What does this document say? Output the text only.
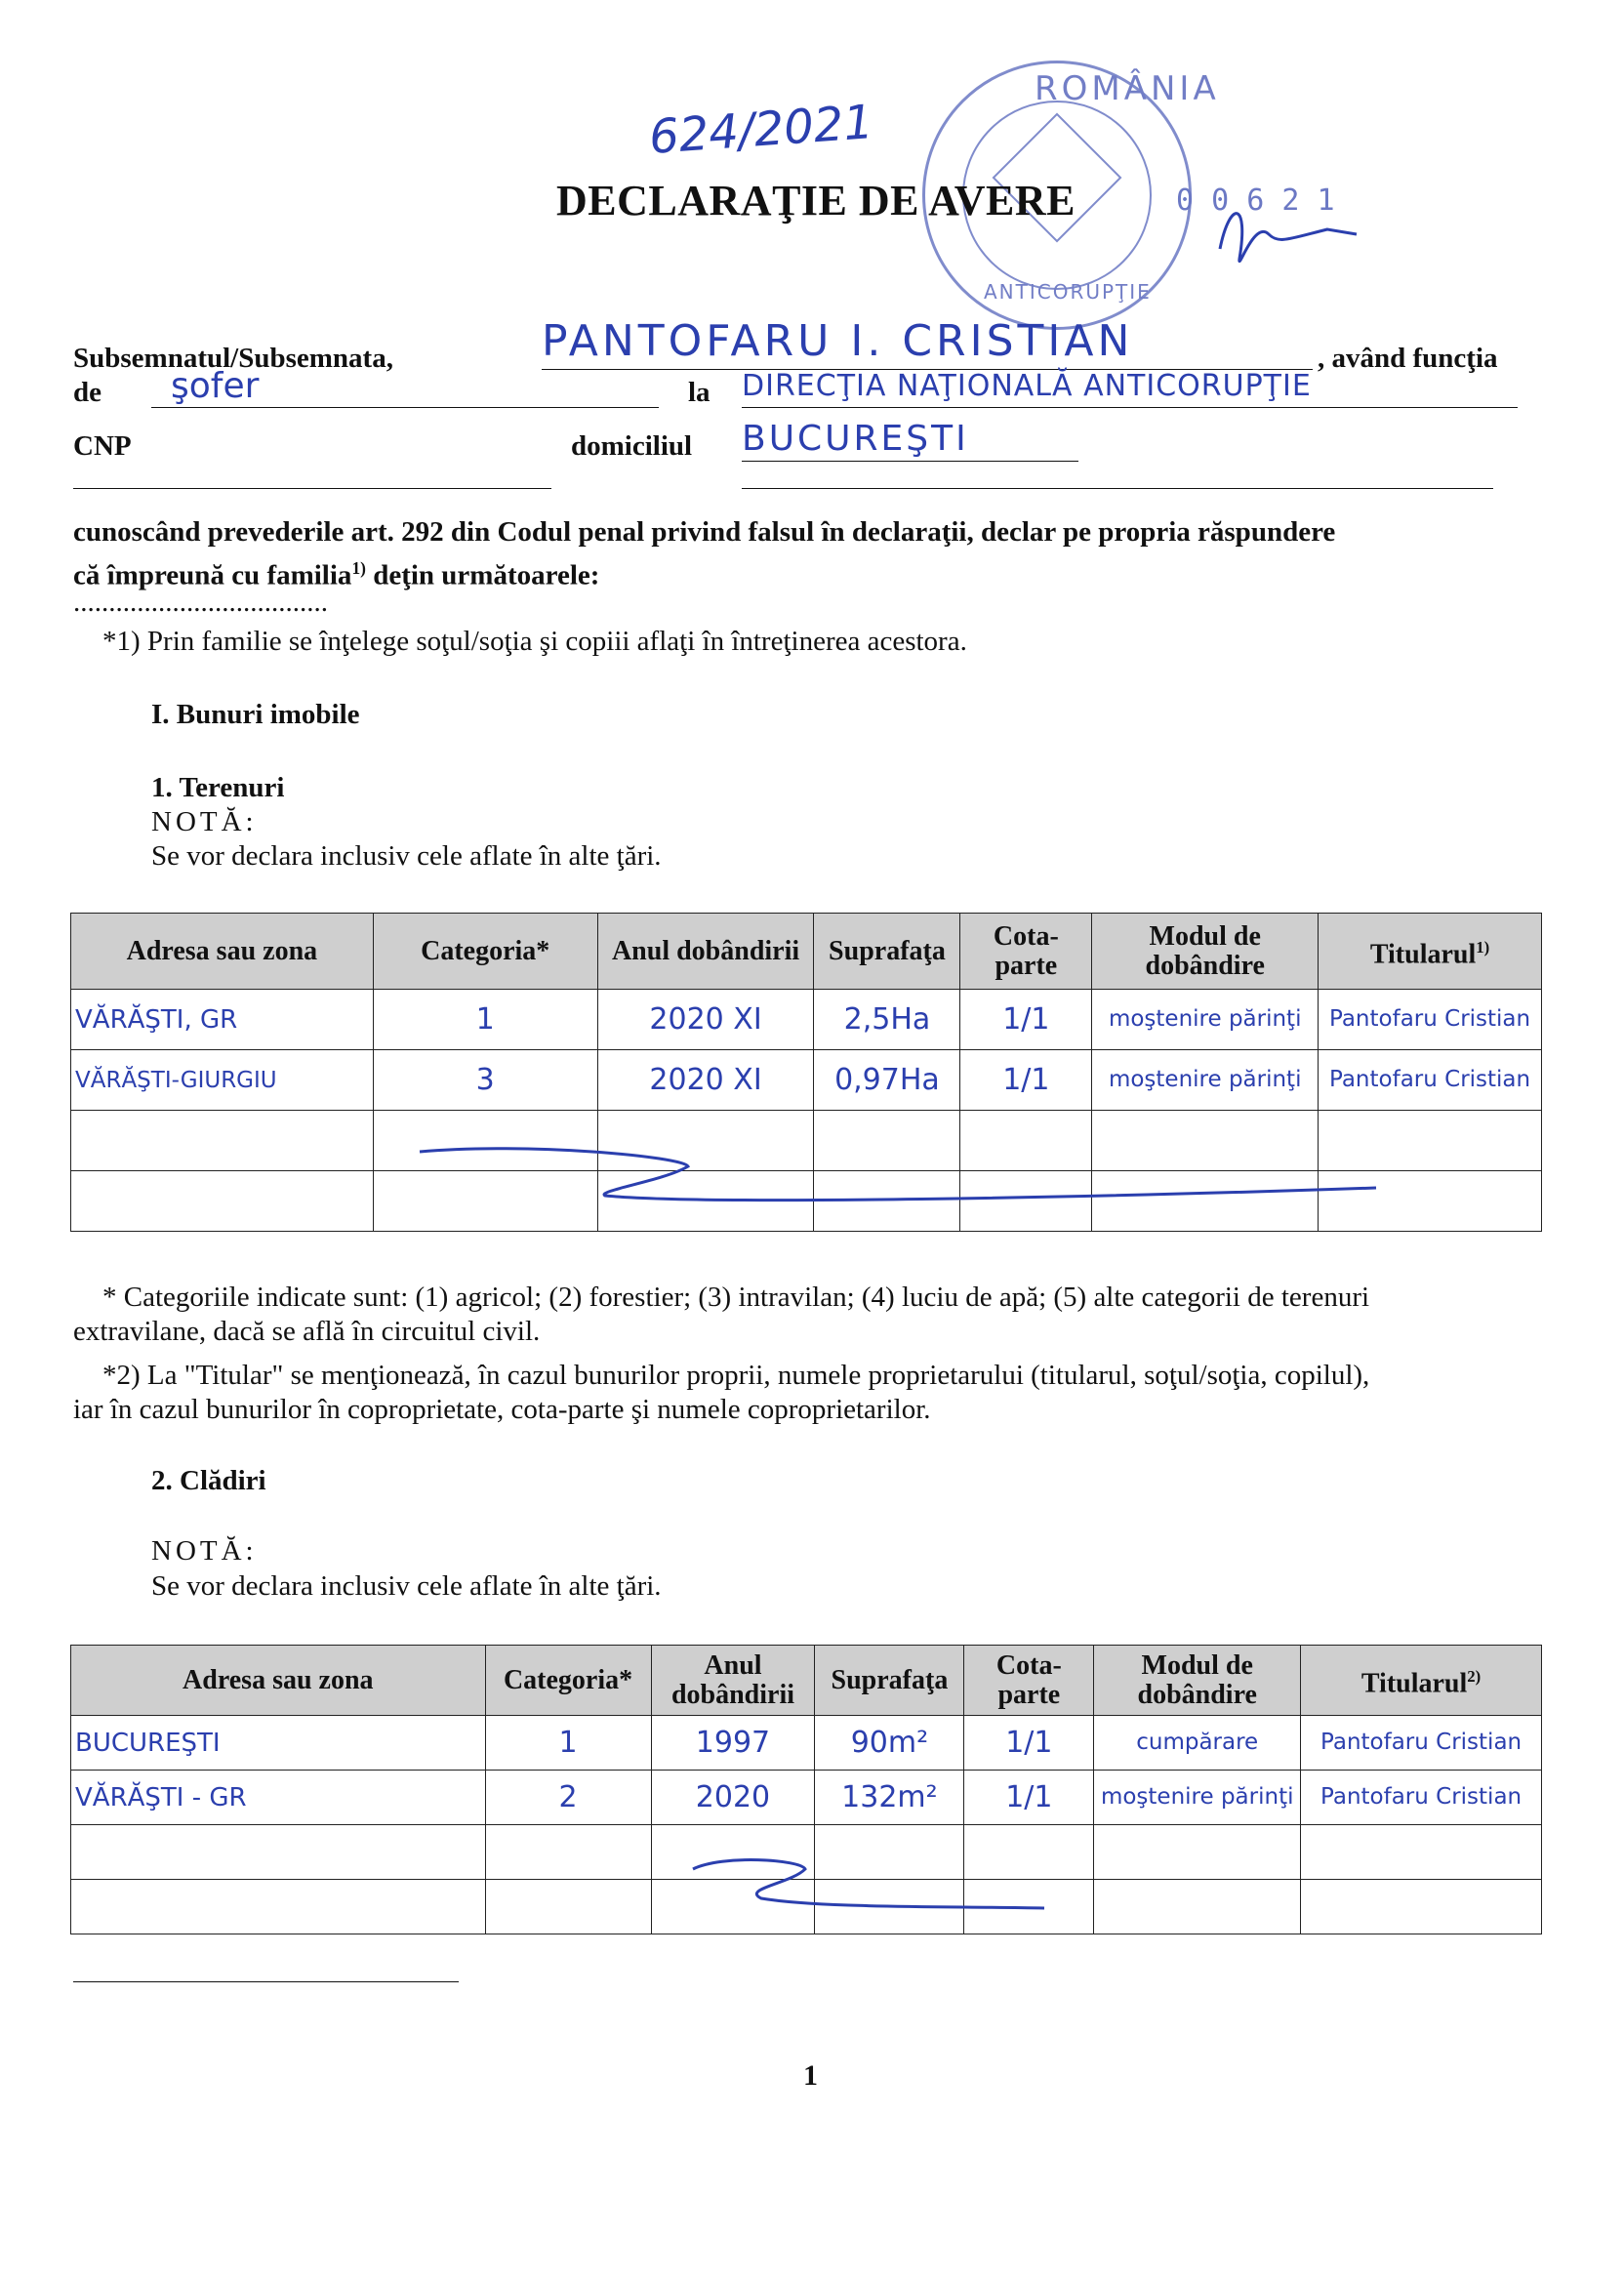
624/2021
ROMÂNIA
ANTICORUPŢIE
DECLARAŢIE DE AVERE	0 0 6 2 1
Subsemnatul/Subsemnata,	PANTOFARU I. CRISTIAN	, având funcţia
de	şofer	la DIRECŢIA NAŢIONALĂ ANTICORUPŢIE
CNP	domiciliul BUCUREŞTI
cunoscând prevederile art. 292 din Codul penal privind falsul în declaraţii, declar pe propria răspundere
că împreună cu familia$^{1)}$ deţin următoarele:
....................................
*1) Prin familie se înţelege soţul/soţia şi copiii aflaţi în întreţinerea acestora.
I. Bunuri imobile
1. Terenuri
NOTĂ:
Se vor declara inclusiv cele aflate în alte ţări.
Adresa sau zona	Categoria*	Anul dobândirii	Suprafaţa	Cota-parte	Modul de dobândire	Titularul$^{1)}$
VĂRĂŞTI, GR	1	2020 XI	2,5Ha	1/1	moştenire părinţi	Pantofaru Cristian
VĂRĂŞTI-GIURGIU	3	2020 XI	0,97Ha	1/1	moştenire părinţi	Pantofaru Cristian

* Categoriile indicate sunt: (1) agricol; (2) forestier; (3) intravilan; (4) luciu de apă; (5) alte categorii de terenuri
extravilane, dacă se află în circuitul civil.
*2) La "Titular" se menţionează, în cazul bunurilor proprii, numele proprietarului (titularul, soţul/soţia, copilul),
iar în cazul bunurilor în coproprietate, cota-parte şi numele coproprietarilor.
2. Clădiri
NOTĂ:
Se vor declara inclusiv cele aflate în alte ţări.
Adresa sau zona	Categoria*	Anul dobândirii	Suprafaţa	Cota-parte	Modul de dobândire	Titularul$^{2)}$
BUCUREŞTI	1	1997	90m²	1/1	cumpărare	Pantofaru Cristian
VĂRĂŞTI - GR	2	2020	132m²	1/1	moştenire părinţi	Pantofaru Cristian

1
